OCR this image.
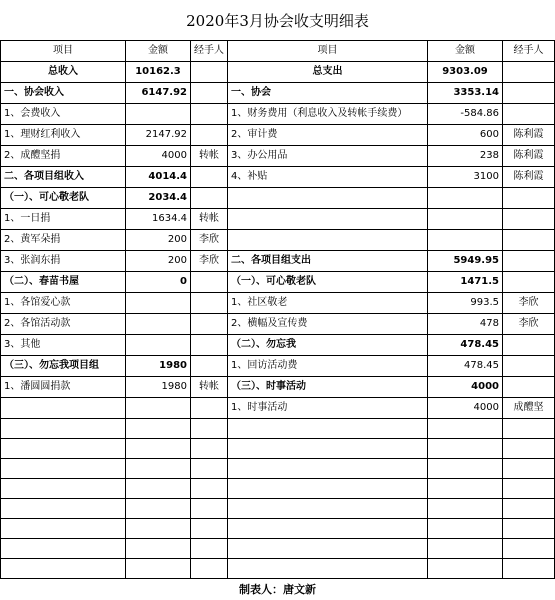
2020年3月协会收支明细表
项目	金额	经手人	项目	金额	经手人
总收入	10162.3		总支出	9303.09	
一、协会收入	6147.92		一、协会	3353.14	
1、会费收入			1、财务费用（利息收入及转帐手续费）	-584.86	
1、理财红利收入	2147.92		2、审计费	600	陈利霞
2、成醴坚捐	4000	转帐	3、办公用品	238	陈利霞
二、各项目组收入	4014.4		4、补贴	3100	陈利霞
（一）、可心敬老队	2034.4				
1、一日捐	1634.4	转帐			
2、黄军朵捐	200	李欣			
3、张润东捐	200	李欣	二、各项目组支出	5949.95	
（二）、春苗书屋	0		（一）、可心敬老队	1471.5	
1、各馆爱心款			1、社区敬老	993.5	李欣
2、各馆活动款			2、横幅及宣传费	478	李欣
3、其他			（二）、勿忘我	478.45	
（三）、勿忘我项目组	1980		1、回访活动费	478.45	
1、潘圆圆捐款	1980	转帐	（三）、时事活动	4000	
			1、时事活动	4000	成醴坚

制表人：唐文新
